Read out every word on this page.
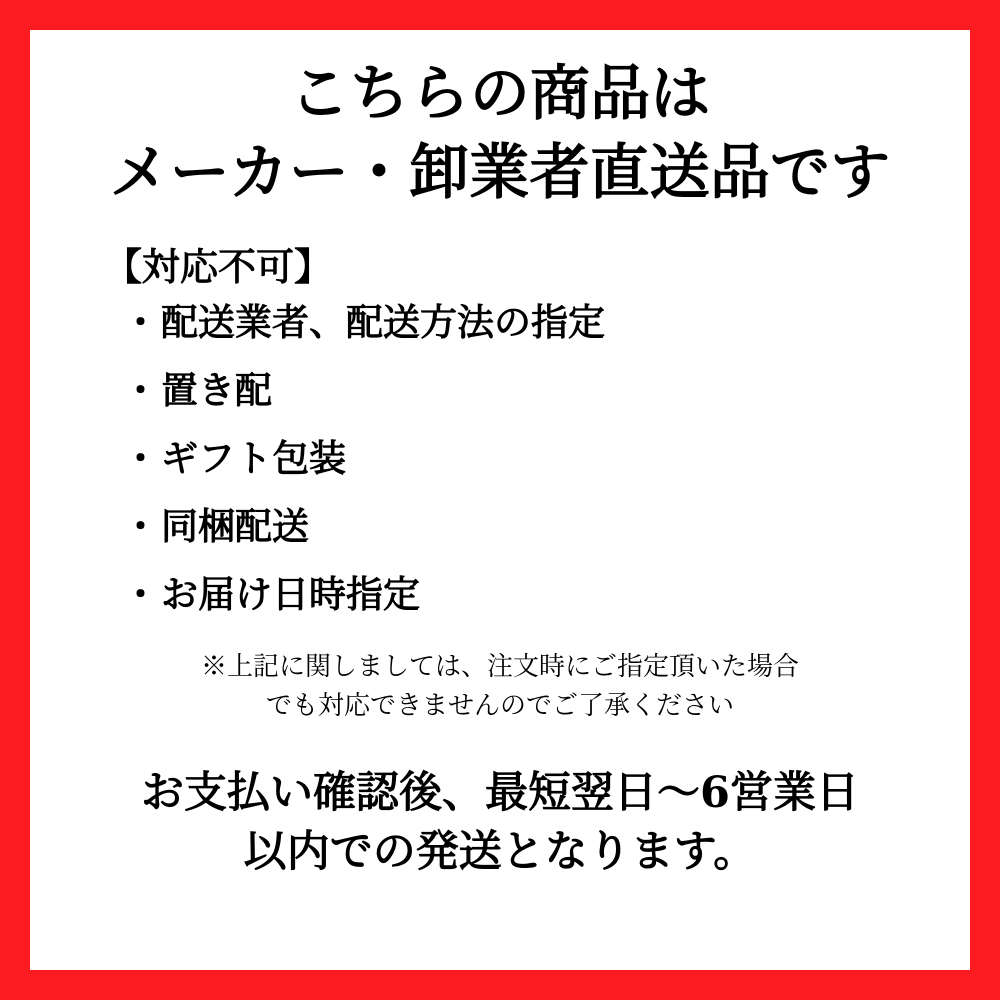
こちらの商品は
メーカー・卸業者直送品です
【対応不可】
・配送業者、配送方法の指定
・置き配
・ギフト包装
・同梱配送
・お届け日時指定
※上記に関しましては、注文時にご指定頂いた場合
でも対応できませんのでご了承ください
お支払い確認後、最短翌日〜6営業日
以内での発送となります。
